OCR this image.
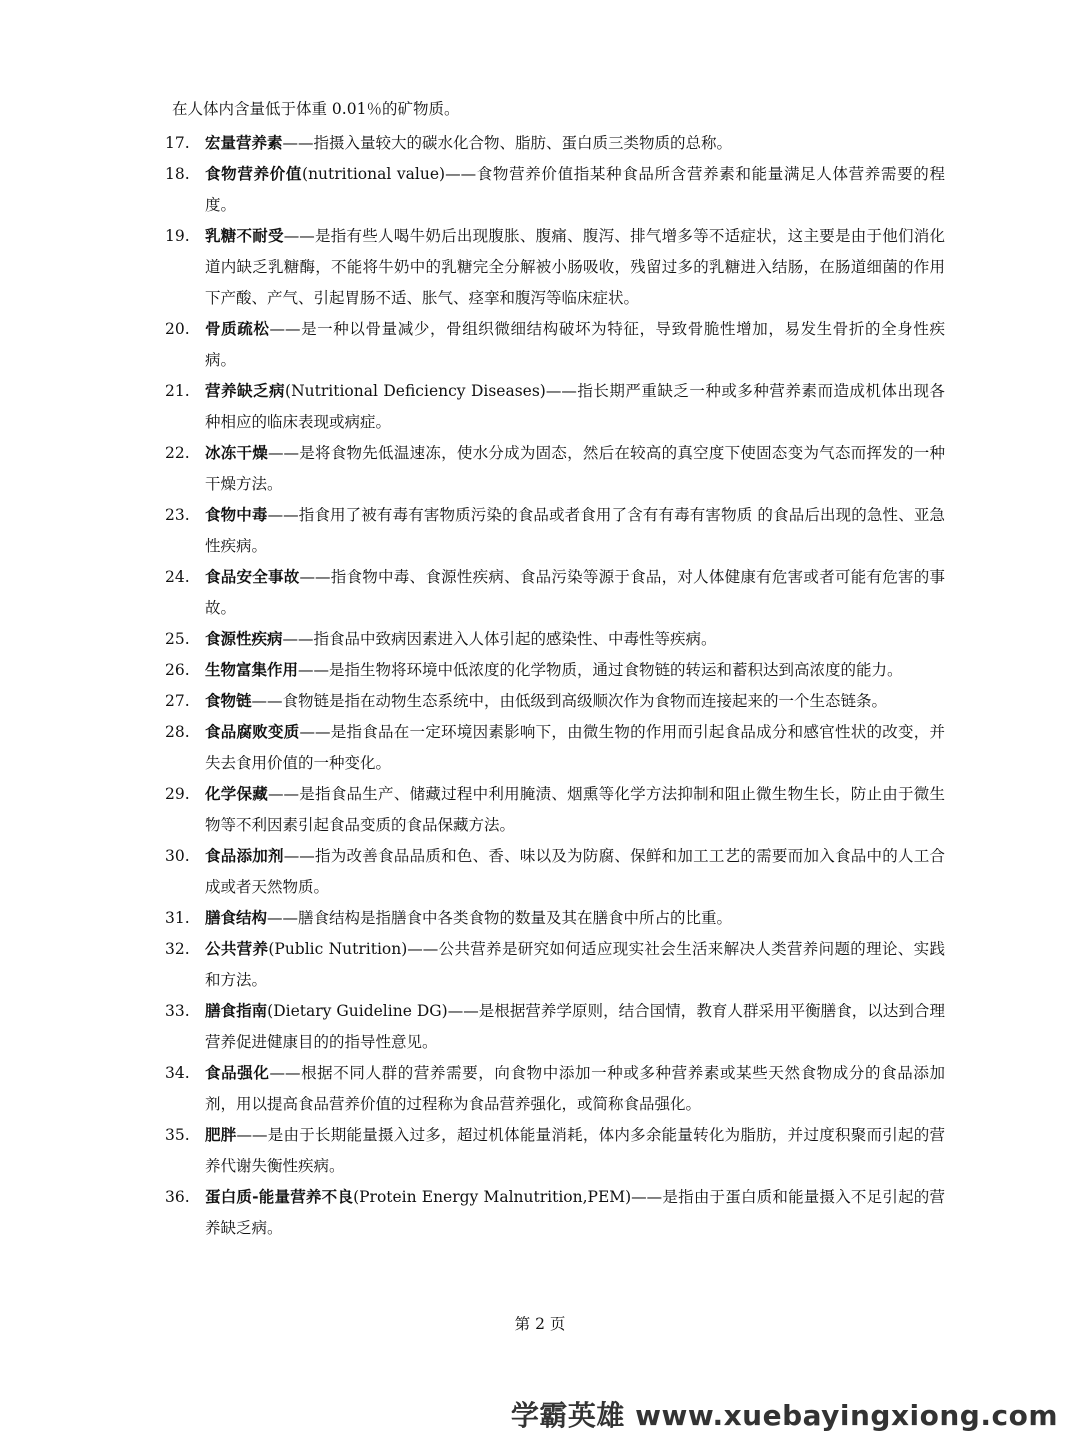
在人体内含量低于体重 0.01％的矿物质。
17. 宏量营养素——指摄入量较大的碳水化合物、脂肪、蛋白质三类物质的总称。
18. 食物营养价值(nutritional value)——食物营养价值指某种食品所含营养素和能量满足人体营养需要的程度。
19. 乳糖不耐受——是指有些人喝牛奶后出现腹胀、腹痛、腹泻、排气增多等不适症状，这主要是由于他们消化道内缺乏乳糖酶，不能将牛奶中的乳糖完全分解被小肠吸收，残留过多的乳糖进入结肠，在肠道细菌的作用下产酸、产气、引起胃肠不适、胀气、痉挛和腹泻等临床症状。
20. 骨质疏松——是一种以骨量减少，骨组织微细结构破坏为特征，导致骨脆性增加，易发生骨折的全身性疾病。
21. 营养缺乏病(Nutritional Deficiency Diseases)——指长期严重缺乏一种或多种营养素而造成机体出现各种相应的临床表现或病症。
22. 冰冻干燥——是将食物先低温速冻，使水分成为固态，然后在较高的真空度下使固态变为气态而挥发的一种干燥方法。
23. 食物中毒——指食用了被有毒有害物质污染的食品或者食用了含有有毒有害物质 的食品后出现的急性、亚急性疾病。
24. 食品安全事故——指食物中毒、食源性疾病、食品污染等源于食品，对人体健康有危害或者可能有危害的事故。
25. 食源性疾病——指食品中致病因素进入人体引起的感染性、中毒性等疾病。
26. 生物富集作用——是指生物将环境中低浓度的化学物质，通过食物链的转运和蓄积达到高浓度的能力。
27. 食物链——食物链是指在动物生态系统中，由低级到高级顺次作为食物而连接起来的一个生态链条。
28. 食品腐败变质——是指食品在一定环境因素影响下，由微生物的作用而引起食品成分和感官性状的改变，并失去食用价值的一种变化。
29. 化学保藏——是指食品生产、储藏过程中利用腌渍、烟熏等化学方法抑制和阻止微生物生长，防止由于微生物等不利因素引起食品变质的食品保藏方法。
30. 食品添加剂——指为改善食品品质和色、香、味以及为防腐、保鲜和加工工艺的需要而加入食品中的人工合成或者天然物质。
31. 膳食结构——膳食结构是指膳食中各类食物的数量及其在膳食中所占的比重。
32. 公共营养(Public Nutrition)——公共营养是研究如何适应现实社会生活来解决人类营养问题的理论、实践和方法。
33. 膳食指南(Dietary Guideline DG)——是根据营养学原则，结合国情，教育人群采用平衡膳食，以达到合理营养促进健康目的的指导性意见。
34. 食品强化——根据不同人群的营养需要，向食物中添加一种或多种营养素或某些天然食物成分的食品添加剂，用以提高食品营养价值的过程称为食品营养强化，或简称食品强化。
35. 肥胖——是由于长期能量摄入过多，超过机体能量消耗，体内多余能量转化为脂肪，并过度积聚而引起的营养代谢失衡性疾病。
36. 蛋白质-能量营养不良(Protein Energy Malnutrition,PEM)——是指由于蛋白质和能量摄入不足引起的营养缺乏病。
第 2 页
学霸英雄 www.xuebayingxiong.com
